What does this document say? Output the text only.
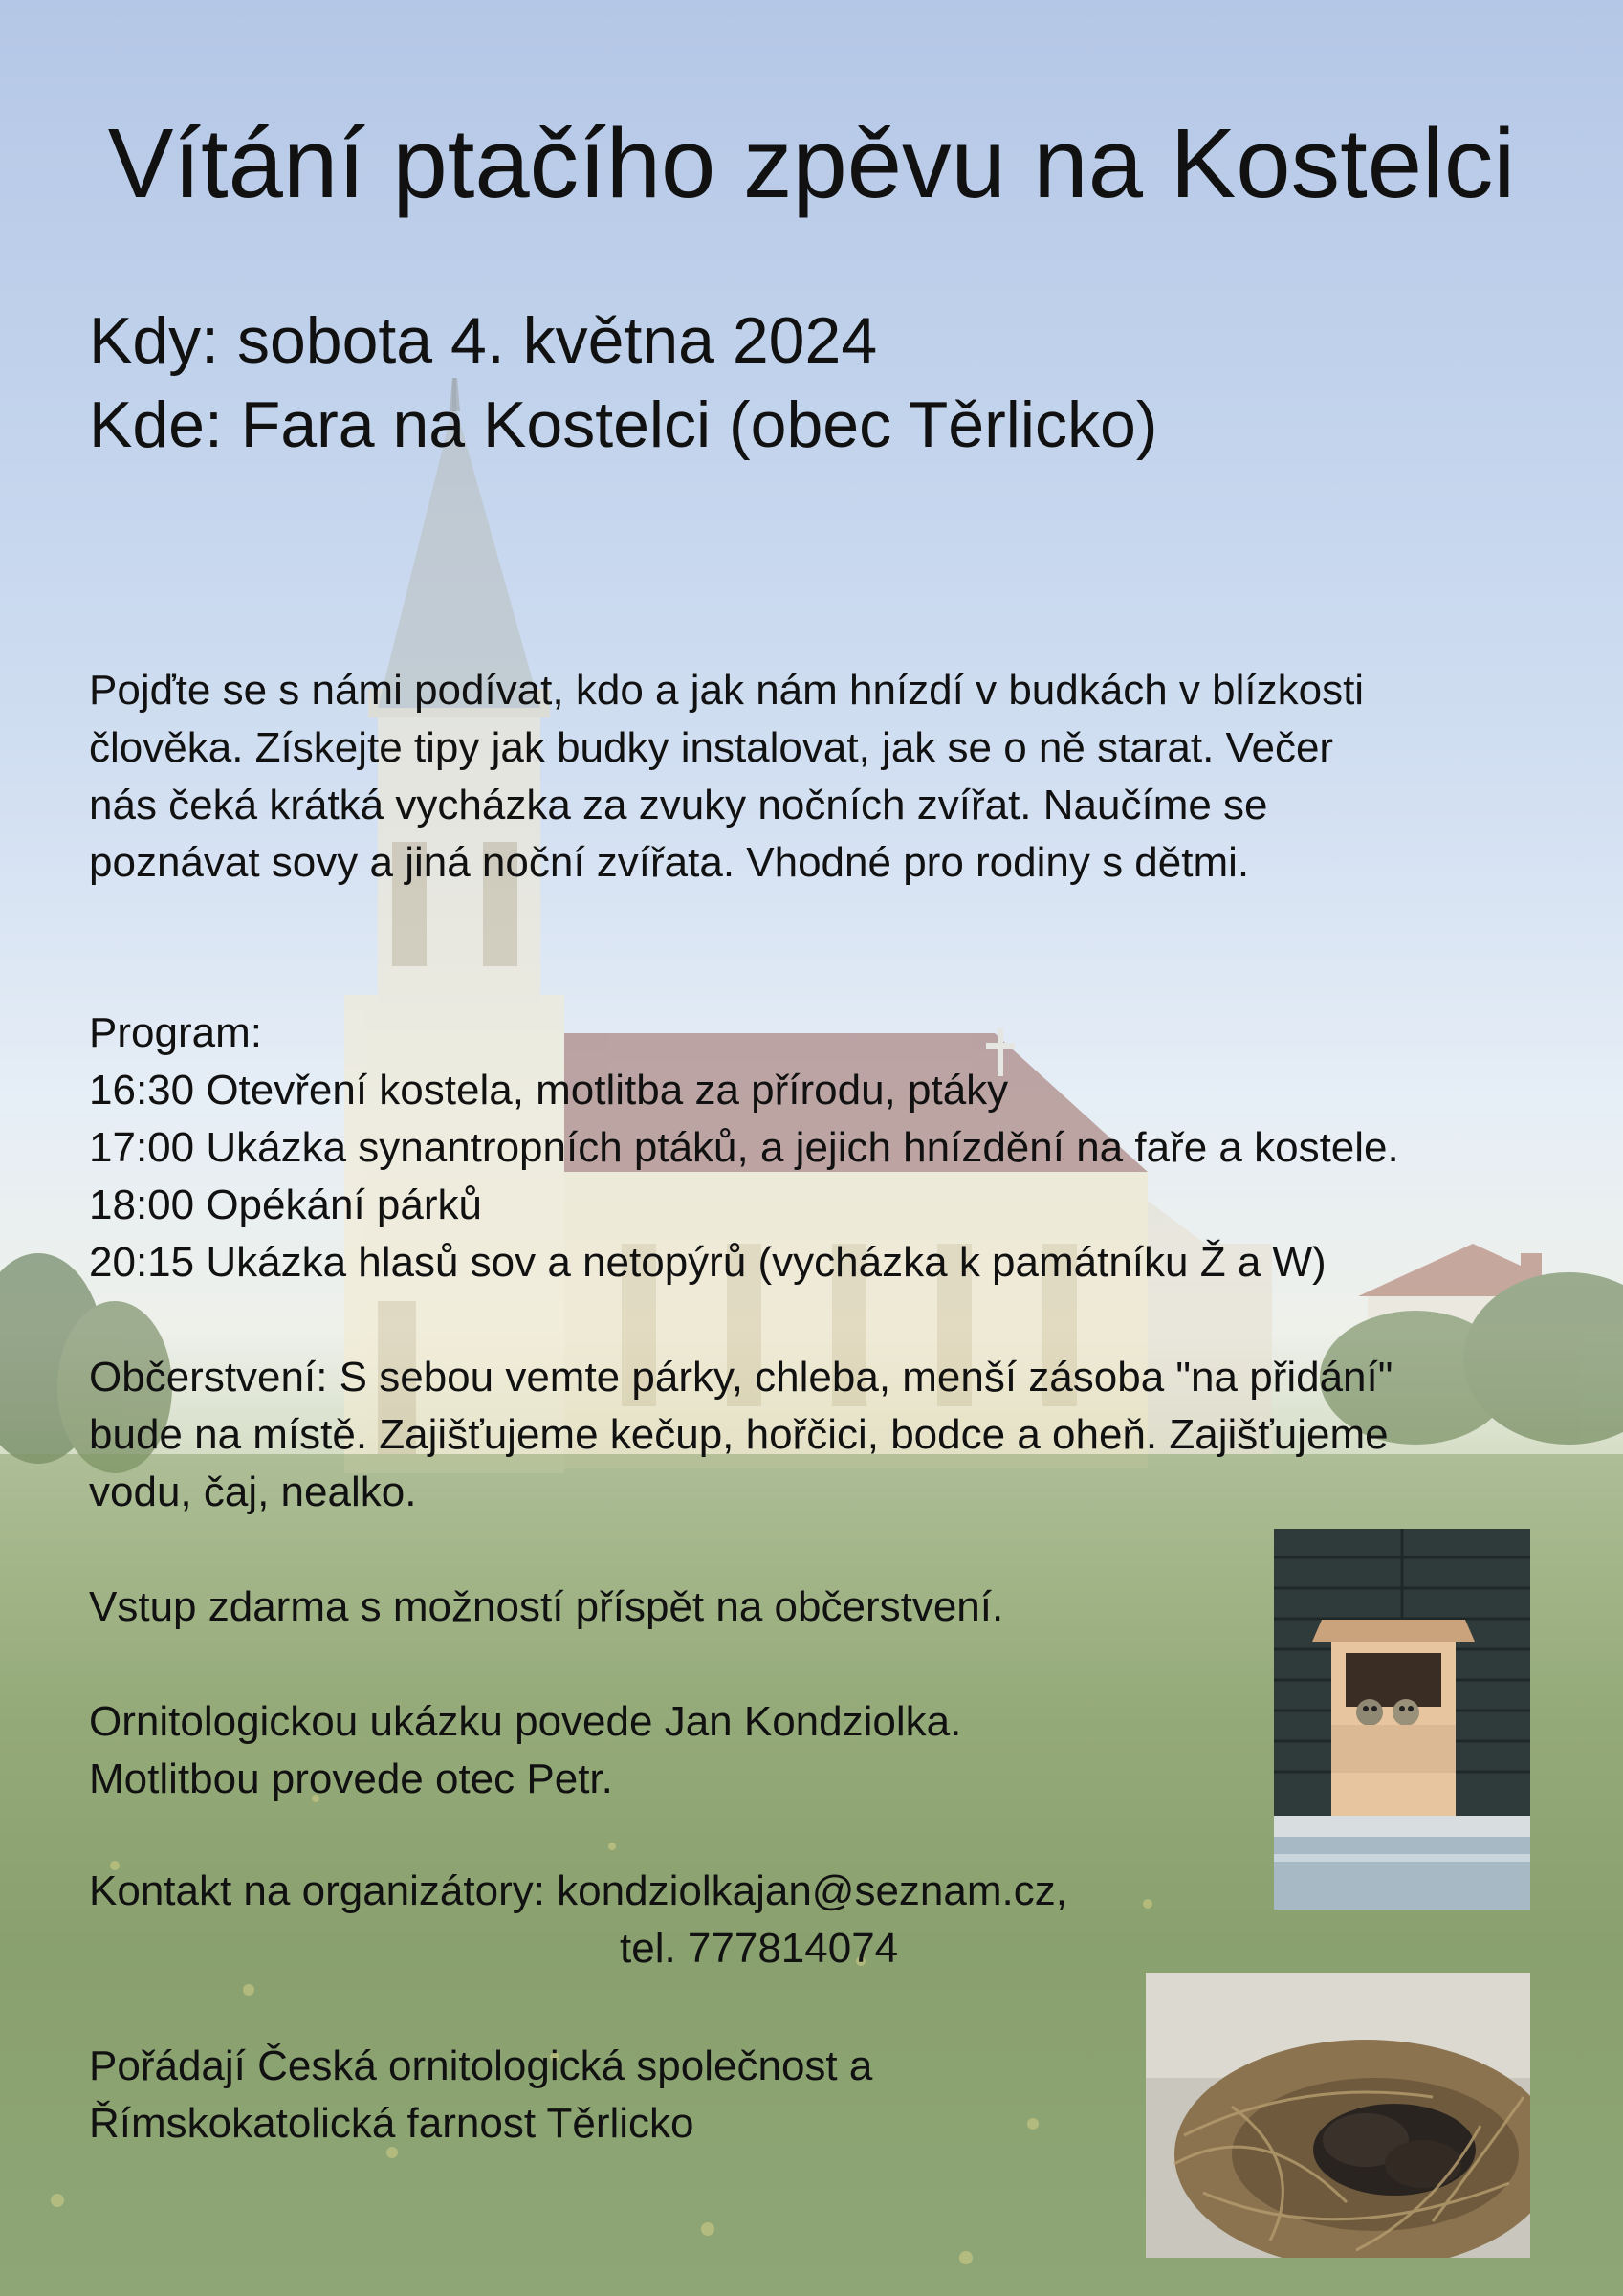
Vítání ptačího zpěvu na Kostelci
Kdy: sobota 4. května 2024
Kde: Fara na Kostelci (obec Těrlicko)
Pojďte se s námi podívat, kdo a jak nám hnízdí v budkách v blízkosti
člověka. Získejte tipy jak budky instalovat, jak se o ně starat. Večer
nás čeká krátká vycházka za zvuky nočních zvířat. Naučíme se
poznávat sovy a jiná noční zvířata. Vhodné pro rodiny s dětmi.
Program:
16:30 Otevření kostela, motlitba za přírodu, ptáky
17:00 Ukázka synantropních ptáků, a jejich hnízdění na faře a kostele.
18:00 Opékání párků
20:15 Ukázka hlasů sov a netopýrů (vycházka k památníku Ž a W)
Občerstvení: S sebou vemte párky, chleba, menší zásoba "na přidání"
bude na místě. Zajišťujeme kečup, hořčici, bodce a oheň. Zajišťujeme
vodu, čaj, nealko.
Vstup zdarma s možností příspět na občerstvení.
Ornitologickou ukázku povede Jan Kondziolka.
Motlitbou provede otec Petr.
Kontakt na organizátory: kondziolkajan@seznam.cz,
tel. 777814074
Pořádají Česká ornitologická společnost a
Římskokatolická farnost Těrlicko
